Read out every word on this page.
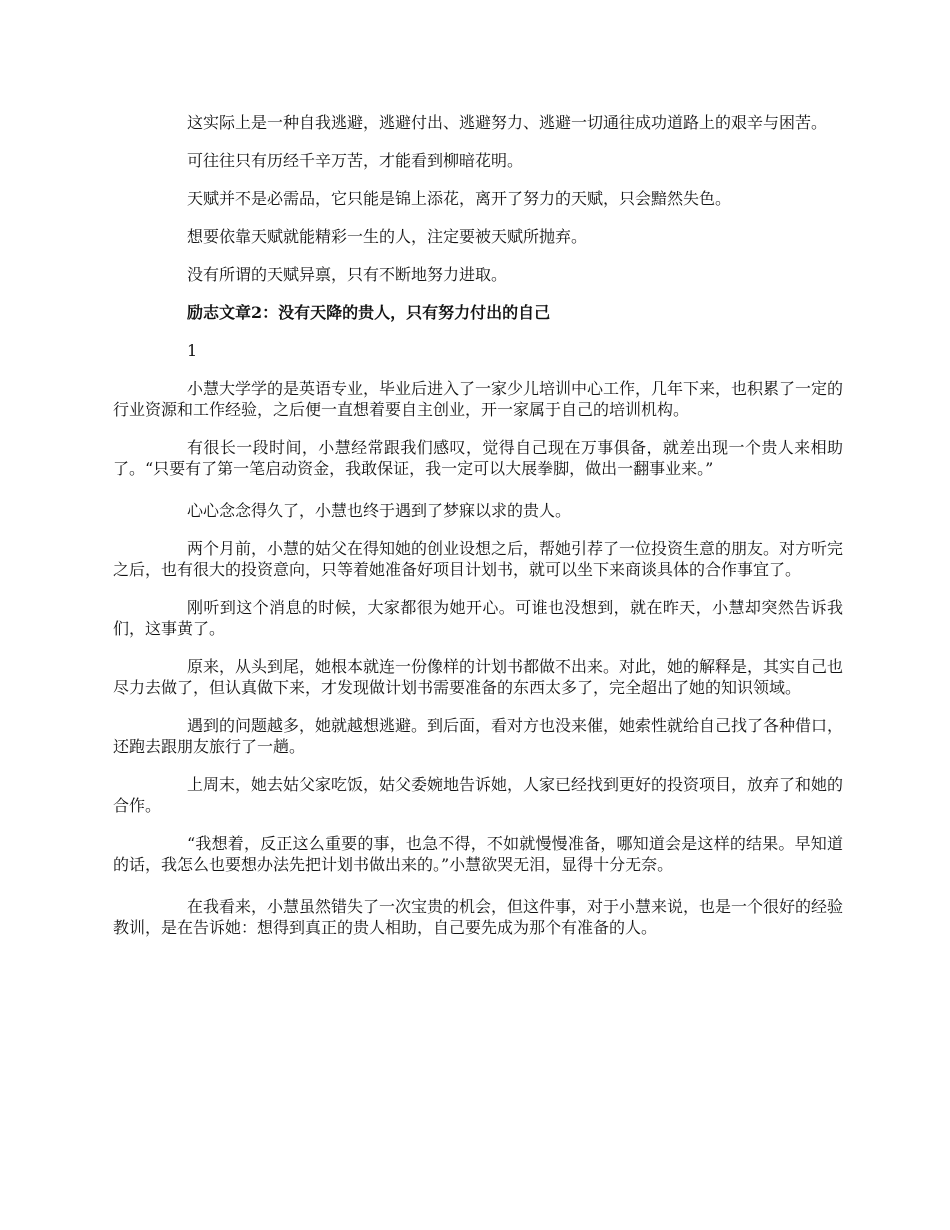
这实际上是一种自我逃避，逃避付出、逃避努力、逃避一切通往成功道路上的艰辛与困苦。

可往往只有历经千辛万苦，才能看到柳暗花明。

天赋并不是必需品，它只能是锦上添花，离开了努力的天赋，只会黯然失色。

想要依靠天赋就能精彩一生的人，注定要被天赋所抛弃。

没有所谓的天赋异禀，只有不断地努力进取。

励志文章2：没有天降的贵人，只有努力付出的自己

1

小慧大学学的是英语专业，毕业后进入了一家少儿培训中心工作，几年下来，也积累了一定的行业资源和工作经验，之后便一直想着要自主创业，开一家属于自己的培训机构。

有很长一段时间，小慧经常跟我们感叹，觉得自己现在万事俱备，就差出现一个贵人来相助了。“只要有了第一笔启动资金，我敢保证，我一定可以大展拳脚，做出一翻事业来。”

心心念念得久了，小慧也终于遇到了梦寐以求的贵人。

两个月前，小慧的姑父在得知她的创业设想之后，帮她引荐了一位投资生意的朋友。对方听完之后，也有很大的投资意向，只等着她准备好项目计划书，就可以坐下来商谈具体的合作事宜了。

刚听到这个消息的时候，大家都很为她开心。可谁也没想到，就在昨天，小慧却突然告诉我们，这事黄了。

原来，从头到尾，她根本就连一份像样的计划书都做不出来。对此，她的解释是，其实自己也尽力去做了，但认真做下来，才发现做计划书需要准备的东西太多了，完全超出了她的知识领域。

遇到的问题越多，她就越想逃避。到后面，看对方也没来催，她索性就给自己找了各种借口，还跑去跟朋友旅行了一趟。

上周末，她去姑父家吃饭，姑父委婉地告诉她，人家已经找到更好的投资项目，放弃了和她的合作。

“我想着，反正这么重要的事，也急不得，不如就慢慢准备，哪知道会是这样的结果。早知道的话，我怎么也要想办法先把计划书做出来的。”小慧欲哭无泪，显得十分无奈。

在我看来，小慧虽然错失了一次宝贵的机会，但这件事，对于小慧来说，也是一个很好的经验教训，是在告诉她：想得到真正的贵人相助，自己要先成为那个有准备的人。
